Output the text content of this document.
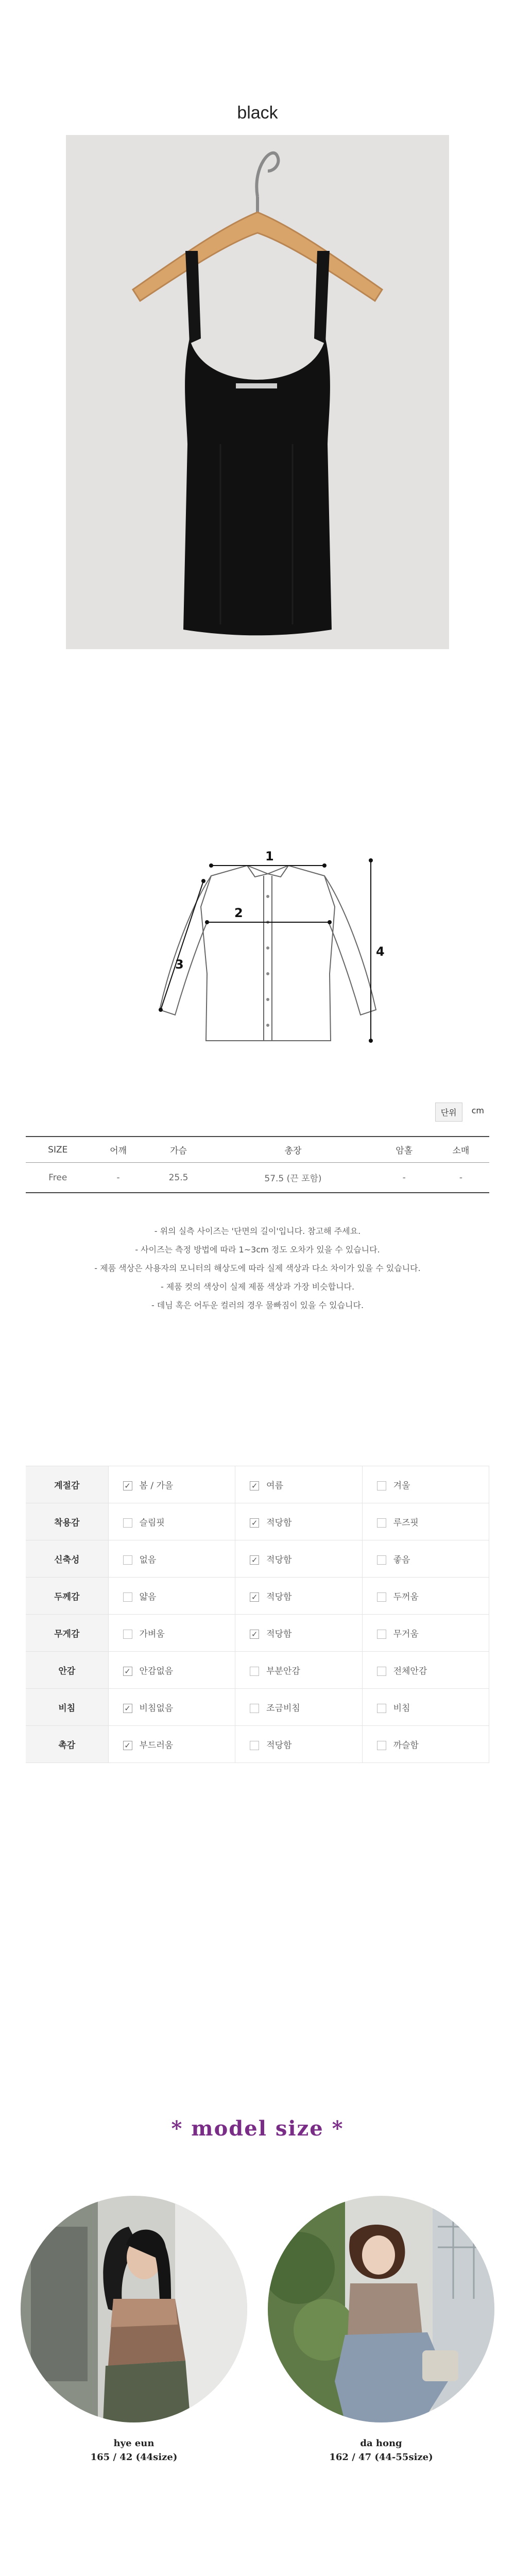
black
1
2
3
4
단위	cm
SIZE	어깨	가슴	총장	암홀	소매
Free	-	25.5	57.5 (끈 포함)	-	-
- 위의 실측 사이즈는 '단면의 길이'입니다. 참고해 주세요.
- 사이즈는 측정 방법에 따라 1~3cm 정도 오차가 있을 수 있습니다.
- 제품 색상은 사용자의 모니터의 해상도에 따라 실제 색상과 다소 차이가 있을 수 있습니다.
- 제품 컷의 색상이 실제 제품 색상과 가장 비슷합니다.
- 데님 혹은 어두운 컬러의 경우 물빠짐이 있을 수 있습니다.
계절감	✓ 봄 / 가을	✓ 여름	겨울
착용감	슬림핏	✓ 적당함	루즈핏
신축성	없음	✓ 적당함	좋음
두께감	얇음	✓ 적당함	두꺼움
무게감	가벼움	✓ 적당함	무거움
안감	✓ 안감없음	부분안감	전체안감
비침	✓ 비침없음	조금비침	비침
촉감	✓ 부드러움	적당함	까슬함
* model size *
hye eun
165 / 42 (44size)
da hong
162 / 47 (44-55size)
